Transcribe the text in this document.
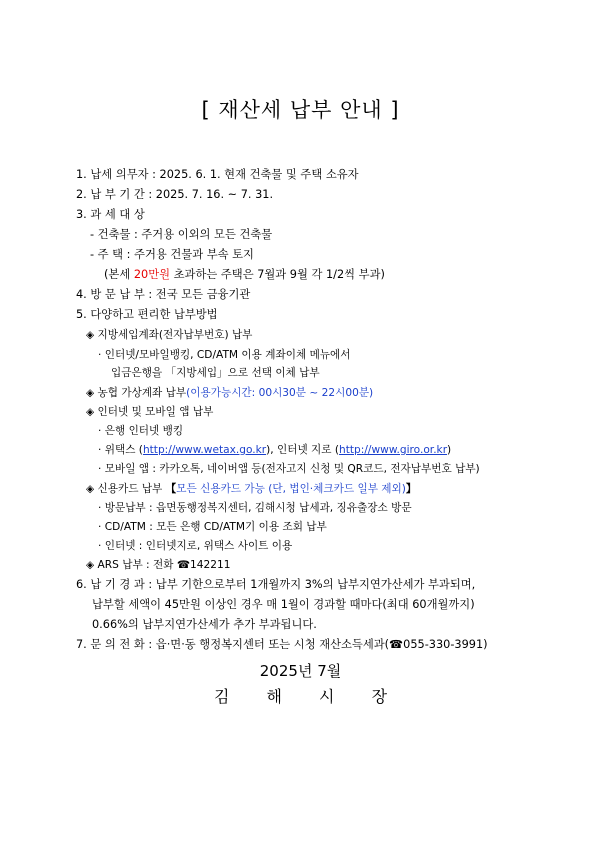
[ 재산세 납부 안내 ]
1. 납세 의무자 : 2025. 6. 1. 현재 건축물 및 주택 소유자
2. 납 부 기 간 : 2025. 7. 16. ~ 7. 31.
3. 과 세 대 상
- 건축물 : 주거용 이외의 모든 건축물
- 주 택 : 주거용 건물과 부속 토지
(본세 20만원 초과하는 주택은 7월과 9월 각 1/2씩 부과)
4. 방 문 납 부 : 전국 모든 금융기관
5. 다양하고 편리한 납부방법
◈ 지방세입계좌(전자납부번호) 납부
· 인터넷/모바일뱅킹, CD/ATM 이용 계좌이체 메뉴에서
입금은행을 「지방세입」으로 선택 이체 납부
◈ 농협 가상계좌 납부(이용가능시간: 00시30분 ~ 22시00분)
◈ 인터넷 및 모바일 앱 납부
· 은행 인터넷 뱅킹
· 위택스 (http://www.wetax.go.kr), 인터넷 지로 (http://www.giro.or.kr)
· 모바일 앱 : 카카오톡, 네이버앱 등(전자고지 신청 및 QR코드, 전자납부번호 납부)
◈ 신용카드 납부 【모든 신용카드 가능 (단, 법인·체크카드 일부 제외)】
· 방문납부 : 읍면동행정복지센터, 김해시청 납세과, 징유출장소 방문
· CD/ATM : 모든 은행 CD/ATM기 이용 조회 납부
· 인터넷 : 인터넷지로, 위택스 사이트 이용
◈ ARS 납부 : 전화 ☎142211
6. 납 기 경 과 : 납부 기한으로부터 1개월까지 3%의 납부지연가산세가 부과되며,
납부할 세액이 45만원 이상인 경우 매 1월이 경과할 때마다(최대 60개월까지)
0.66%의 납부지연가산세가 추가 부과됩니다.
7. 문 의 전 화 : 읍·면·동 행정복지센터 또는 시청 재산소득세과(☎055-330-3991)
2025년 7월
김 해 시 장
